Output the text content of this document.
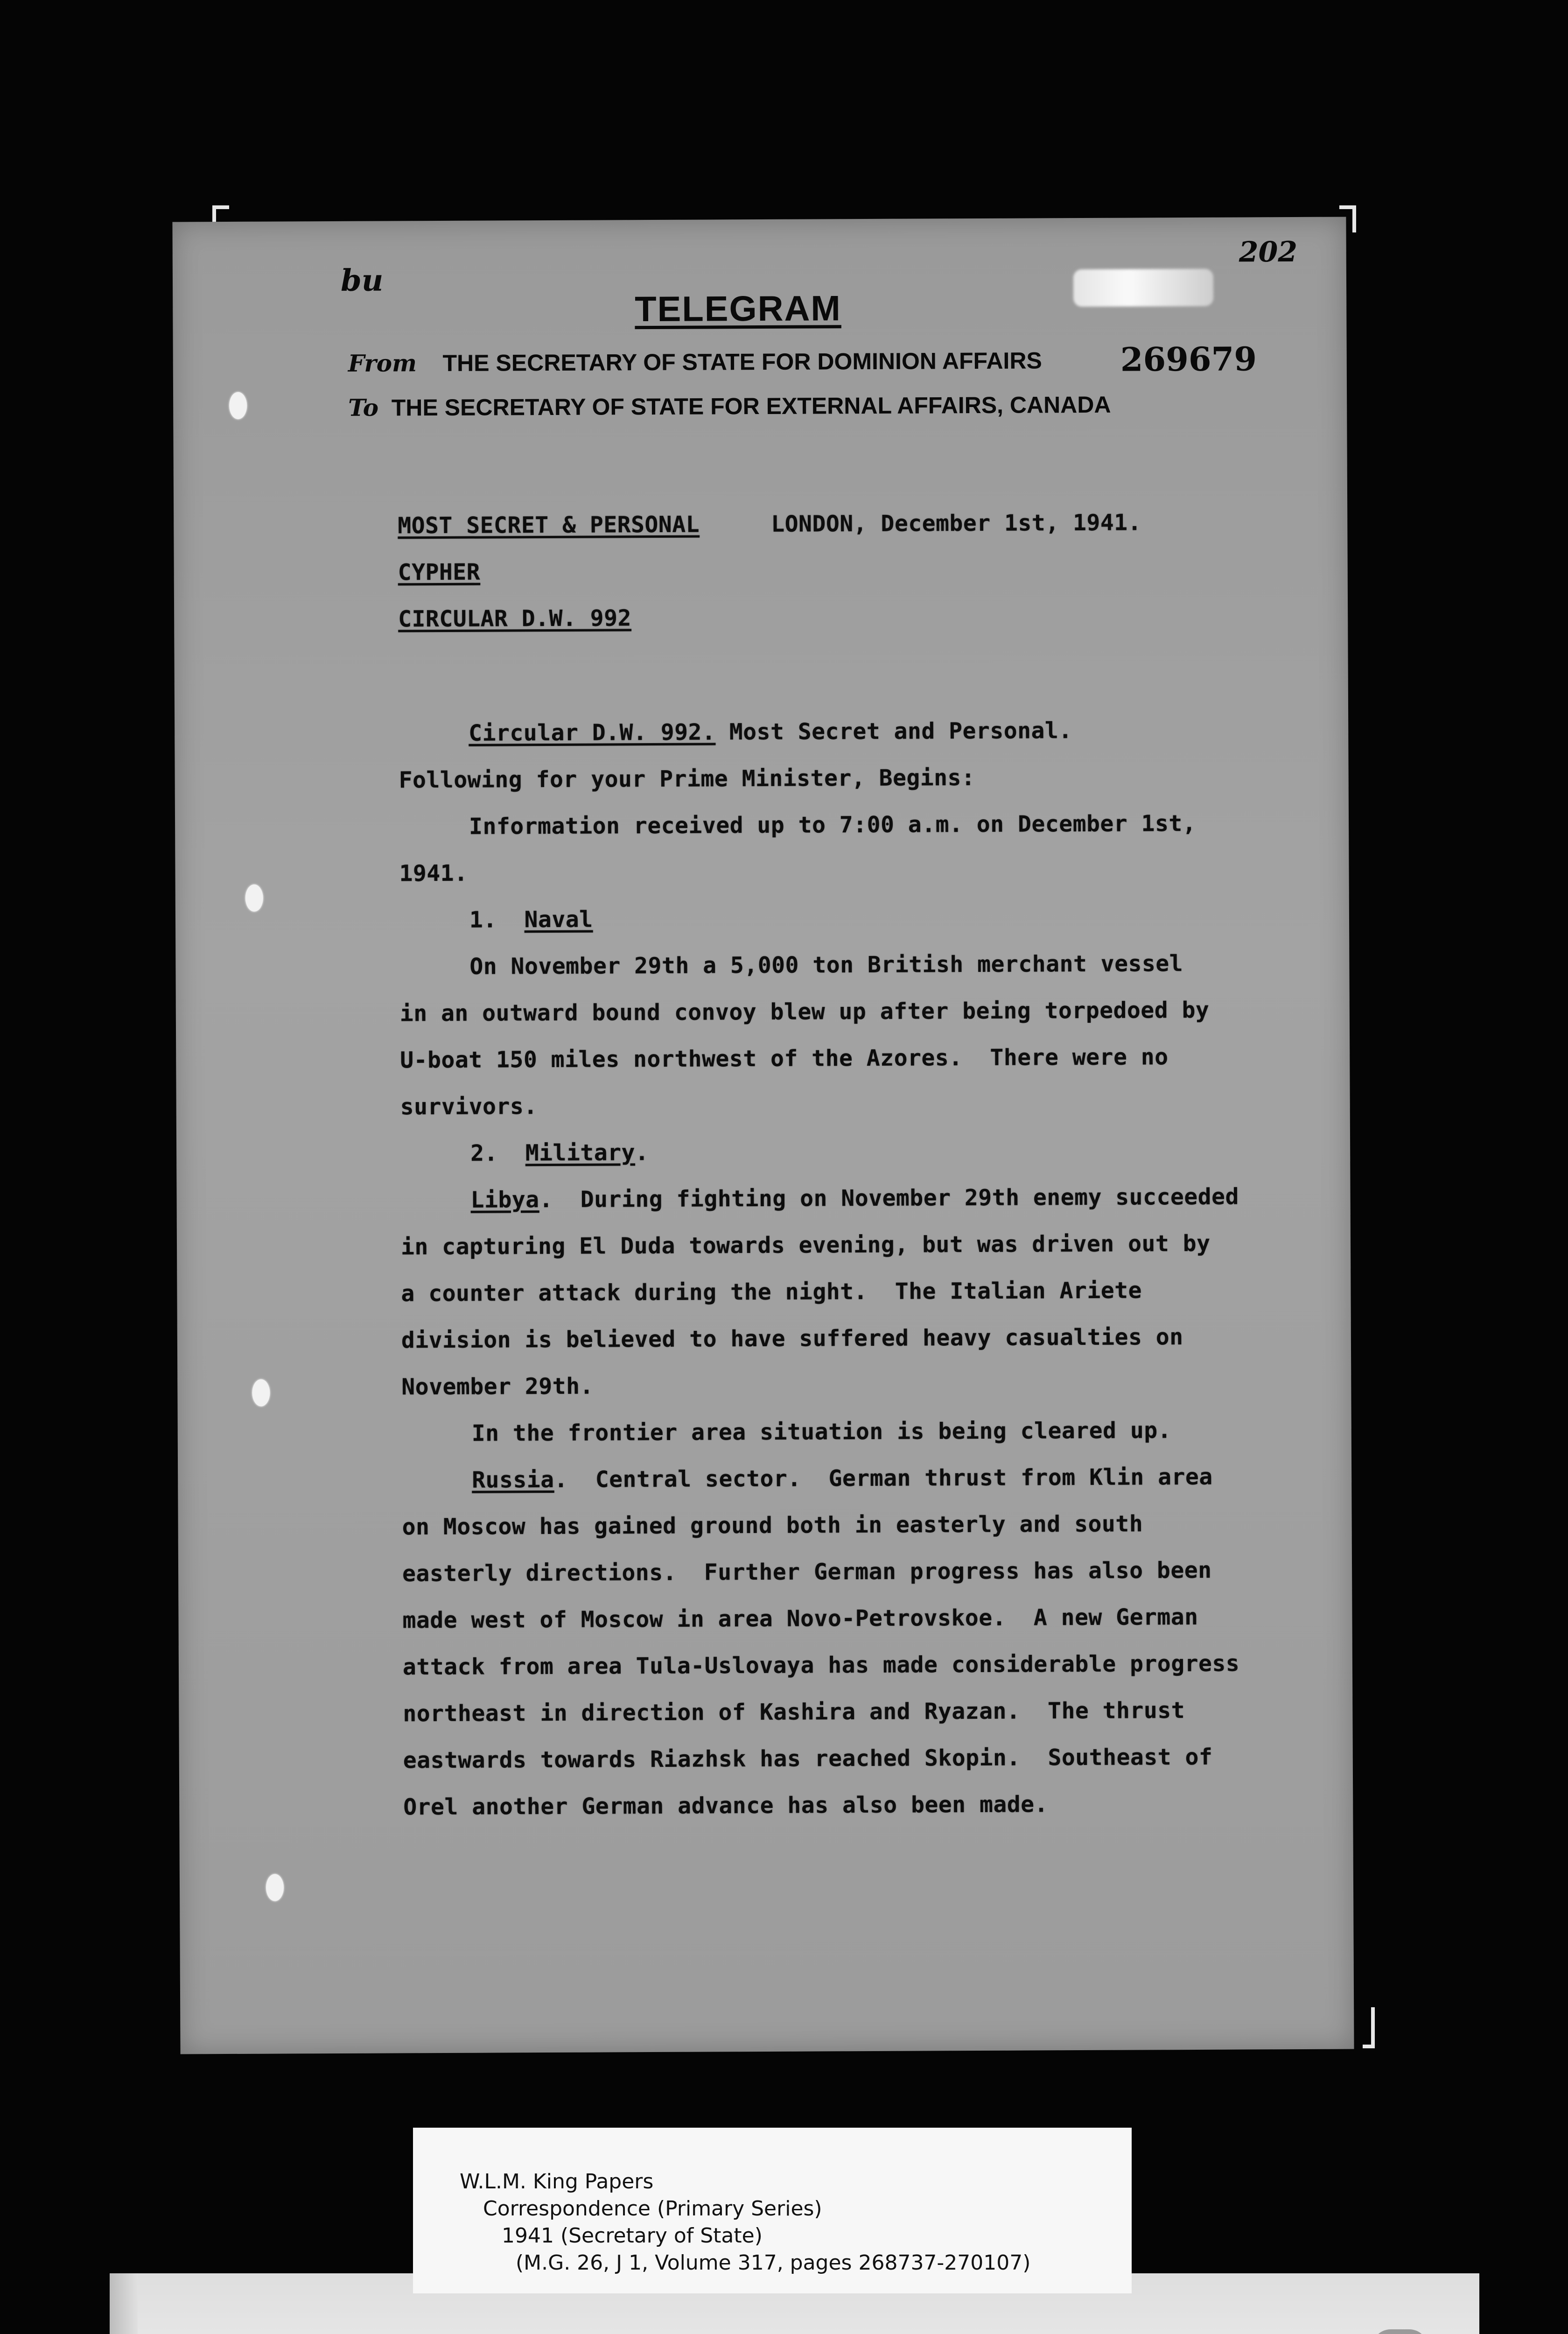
bu
202
TELEGRAM
From THE SECRETARY OF STATE FOR DOMINION AFFAIRS 269679
To THE SECRETARY OF STATE FOR EXTERNAL AFFAIRS, CANADA
MOST SECRET & PERSONAL	LONDON, December 1st, 1941.
CYPHER
CIRCULAR D.W. 992
Circular D.W. 992. Most Secret and Personal.
Following for your Prime Minister, Begins:
Information received up to 7:00 a.m. on December 1st,
1941.
1. Naval
On November 29th a 5,000 ton British merchant vessel
in an outward bound convoy blew up after being torpedoed by
U-boat 150 miles northwest of the Azores.  There were no
survivors.
2. Military.
Libya.  During fighting on November 29th enemy succeeded
in capturing El Duda towards evening, but was driven out by
a counter attack during the night.  The Italian Ariete
division is believed to have suffered heavy casualties on
November 29th.
In the frontier area situation is being cleared up.
Russia.  Central sector.  German thrust from Klin area
on Moscow has gained ground both in easterly and south
easterly directions.  Further German progress has also been
made west of Moscow in area Novo-Petrovskoe.  A new German
attack from area Tula-Uslovaya has made considerable progress
northeast in direction of Kashira and Ryazan.  The thrust
eastwards towards Riazhsk has reached Skopin.  Southeast of
Orel another German advance has also been made.
W.L.M. King Papers
Correspondence (Primary Series)
1941 (Secretary of State)
(M.G. 26, J 1, Volume 317, pages 268737-270107)
